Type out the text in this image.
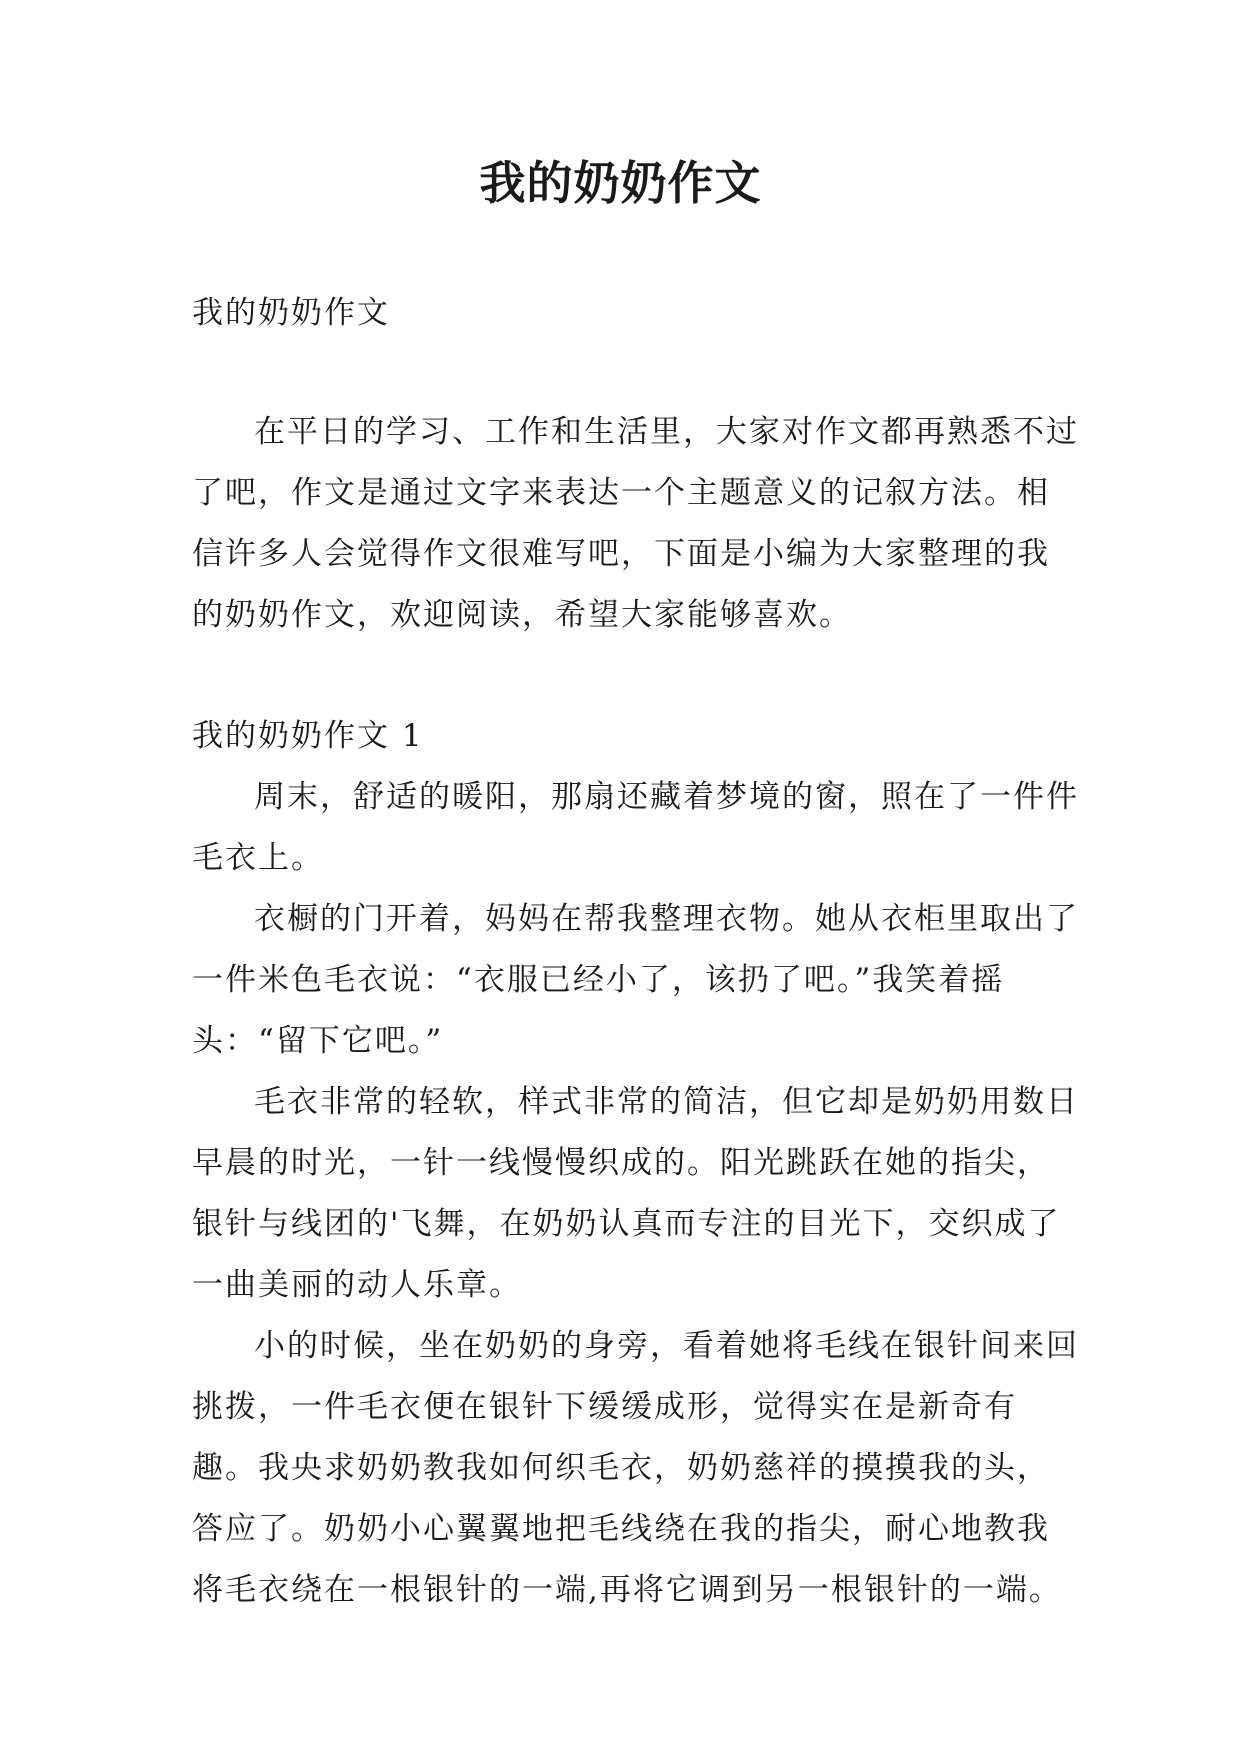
我的奶奶作文

我的奶奶作文

在平日的学习、工作和生活里，大家对作文都再熟悉不过了吧，作文是通过文字来表达一个主题意义的记叙方法。相信许多人会觉得作文很难写吧，下面是小编为大家整理的我的奶奶作文，欢迎阅读，希望大家能够喜欢。

我的奶奶作文 1

周末，舒适的暖阳，那扇还藏着梦境的窗，照在了一件件毛衣上。

衣橱的门开着，妈妈在帮我整理衣物。她从衣柜里取出了一件米色毛衣说：“衣服已经小了，该扔了吧。”我笑着摇头：“留下它吧。”

毛衣非常的轻软，样式非常的简洁，但它却是奶奶用数日早晨的时光，一针一线慢慢织成的。阳光跳跃在她的指尖，银针与线团的'飞舞，在奶奶认真而专注的目光下，交织成了一曲美丽的动人乐章。

小的时候，坐在奶奶的身旁，看着她将毛线在银针间来回挑拨，一件毛衣便在银针下缓缓成形，觉得实在是新奇有趣。我央求奶奶教我如何织毛衣，奶奶慈祥的摸摸我的头，答应了。奶奶小心翼翼地把毛线绕在我的指尖，耐心地教我将毛衣绕在一根银针的一端,再将它调到另一根银针的一端。
